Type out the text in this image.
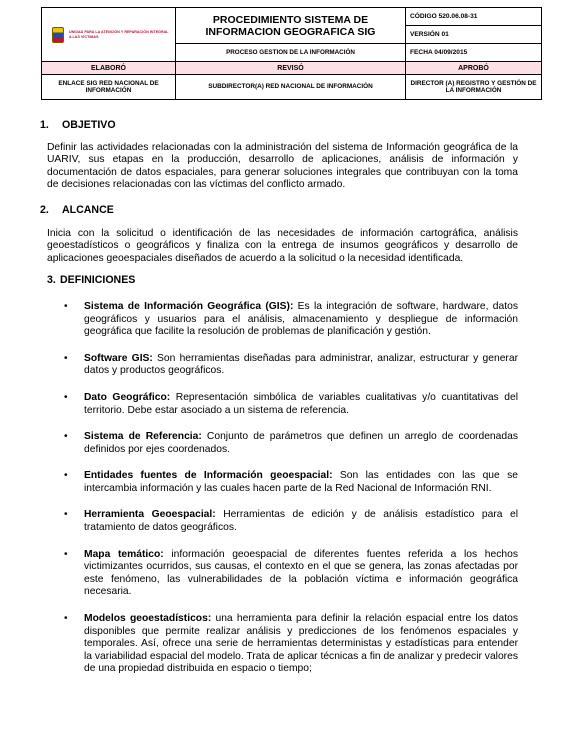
UNIDAD PARA LA ATENCIÓN Y REPARACIÓN INTEGRAL A LAS VÍCTIMAS	PROCEDIMIENTO SISTEMA DE INFORMACION GEOGRAFICA SIG	CÓDIGO 520.06.08-31
		VERSIÓN 01
	PROCESO GESTION DE LA INFORMACIÓN	FECHA 04/09/2015
ELABORÓ	REVISÓ	APROBÓ
ENLACE SIG RED NACIONAL DE INFORMACIÓN	SUBDIRECTOR(A) RED NACIONAL DE INFORMACIÓN	DIRECTOR (A) REGISTRO Y GESTIÓN DE LA INFORMACIÓN
1.	OBJETIVO

Definir las actividades relacionadas con la administración del sistema de Información geográfica de la UARIV, sus etapas en la producción, desarrollo de aplicaciones, análisis de información y documentación de datos espaciales, para generar soluciones integrales que contribuyan con la toma de decisiones relacionadas con las víctimas del conflicto armado.

2.	ALCANCE

Inicia con la solicitud o identificación de las necesidades de información cartográfica, análisis geoestadísticos o geográficos y finaliza con la entrega de insumos geográficos y desarrollo de aplicaciones geoespaciales diseñados de acuerdo a la solicitud o la necesidad identificada.

3. DEFINICIONES
• Sistema de Información Geográfica (GIS): Es la integración de software, hardware, datos geográficos y usuarios para el análisis, almacenamiento y despliegue de información geográfica que facilite la resolución de problemas de planificación y gestión.
• Software GIS: Son herramientas diseñadas para administrar, analizar, estructurar y generar datos y productos geográficos.
• Dato Geográfico: Representación simbólica de variables cualitativas y/o cuantitativas del territorio. Debe estar asociado a un sistema de referencia.
• Sistema de Referencia: Conjunto de parámetros que definen un arreglo de coordenadas definidos por ejes coordenados.
• Entidades fuentes de Información geoespacial: Son las entidades con las que se intercambia información y las cuales hacen parte de la Red Nacional de Información RNI.
• Herramienta Geoespacial: Herramientas de edición y de análisis estadístico para el tratamiento de datos geográficos.
• Mapa temático: información geoespacial de diferentes fuentes referida a los hechos victimizantes ocurridos, sus causas, el contexto en el que se genera, las zonas afectadas por este fenómeno, las vulnerabilidades de la población víctima e información geográfica necesaria.
• Modelos geoestadísticos: una herramienta para definir la relación espacial entre los datos disponibles que permite realizar análisis y predicciones de los fenómenos espaciales y temporales. Así, ofrece una serie de herramientas deterministas y estadísticas para entender la variabilidad espacial del modelo. Trata de aplicar técnicas a fin de analizar y predecir valores de una propiedad distribuida en espacio o tiempo;
